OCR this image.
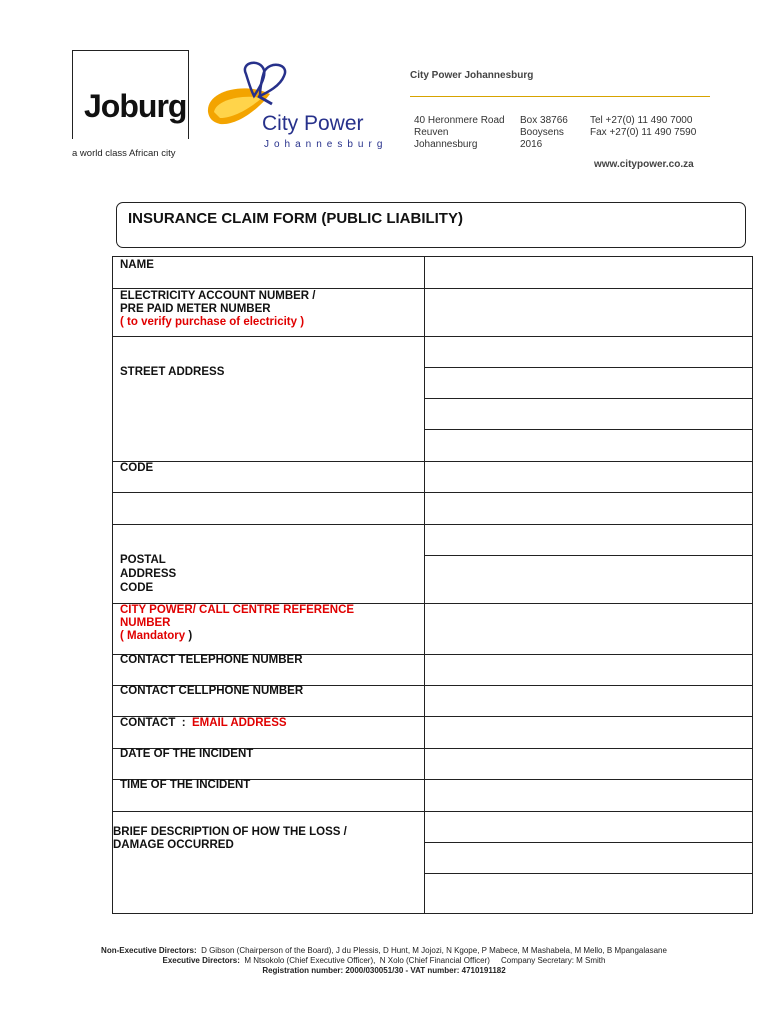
Joburg
a world class African city
City Power
Johannesburg
City Power Johannesburg
40 Heronmere Road
Reuven
Johannesburg
Box 38766
Booysens
2016
Tel +27(0) 11 490 7000
Fax +27(0) 11 490 7590
www.citypower.co.za
INSURANCE CLAIM FORM (PUBLIC LIABILITY)
NAME
ELECTRICITY ACCOUNT NUMBER /
PRE PAID METER NUMBER
( to verify purchase of electricity )
STREET ADDRESS
CODE
POSTAL
ADDRESS
CODE
CITY POWER/ CALL CENTRE REFERENCE
NUMBER
( Mandatory )
CONTACT TELEPHONE NUMBER
CONTACT CELLPHONE NUMBER
CONTACT  :  EMAIL ADDRESS
DATE OF THE INCIDENT
TIME OF THE INCIDENT
BRIEF DESCRIPTION OF HOW THE LOSS /
DAMAGE OCCURRED
Non-Executive Directors:  D Gibson (Chairperson of the Board), J du Plessis, D Hunt, M Jojozi, N Kgope, P Mabece, M Mashabela, M Mello, B Mpangalasane
Executive Directors:  M Ntsokolo (Chief Executive Officer),  N Xolo (Chief Financial Officer)     Company Secretary: M Smith
Registration number: 2000/030051/30 - VAT number: 4710191182
